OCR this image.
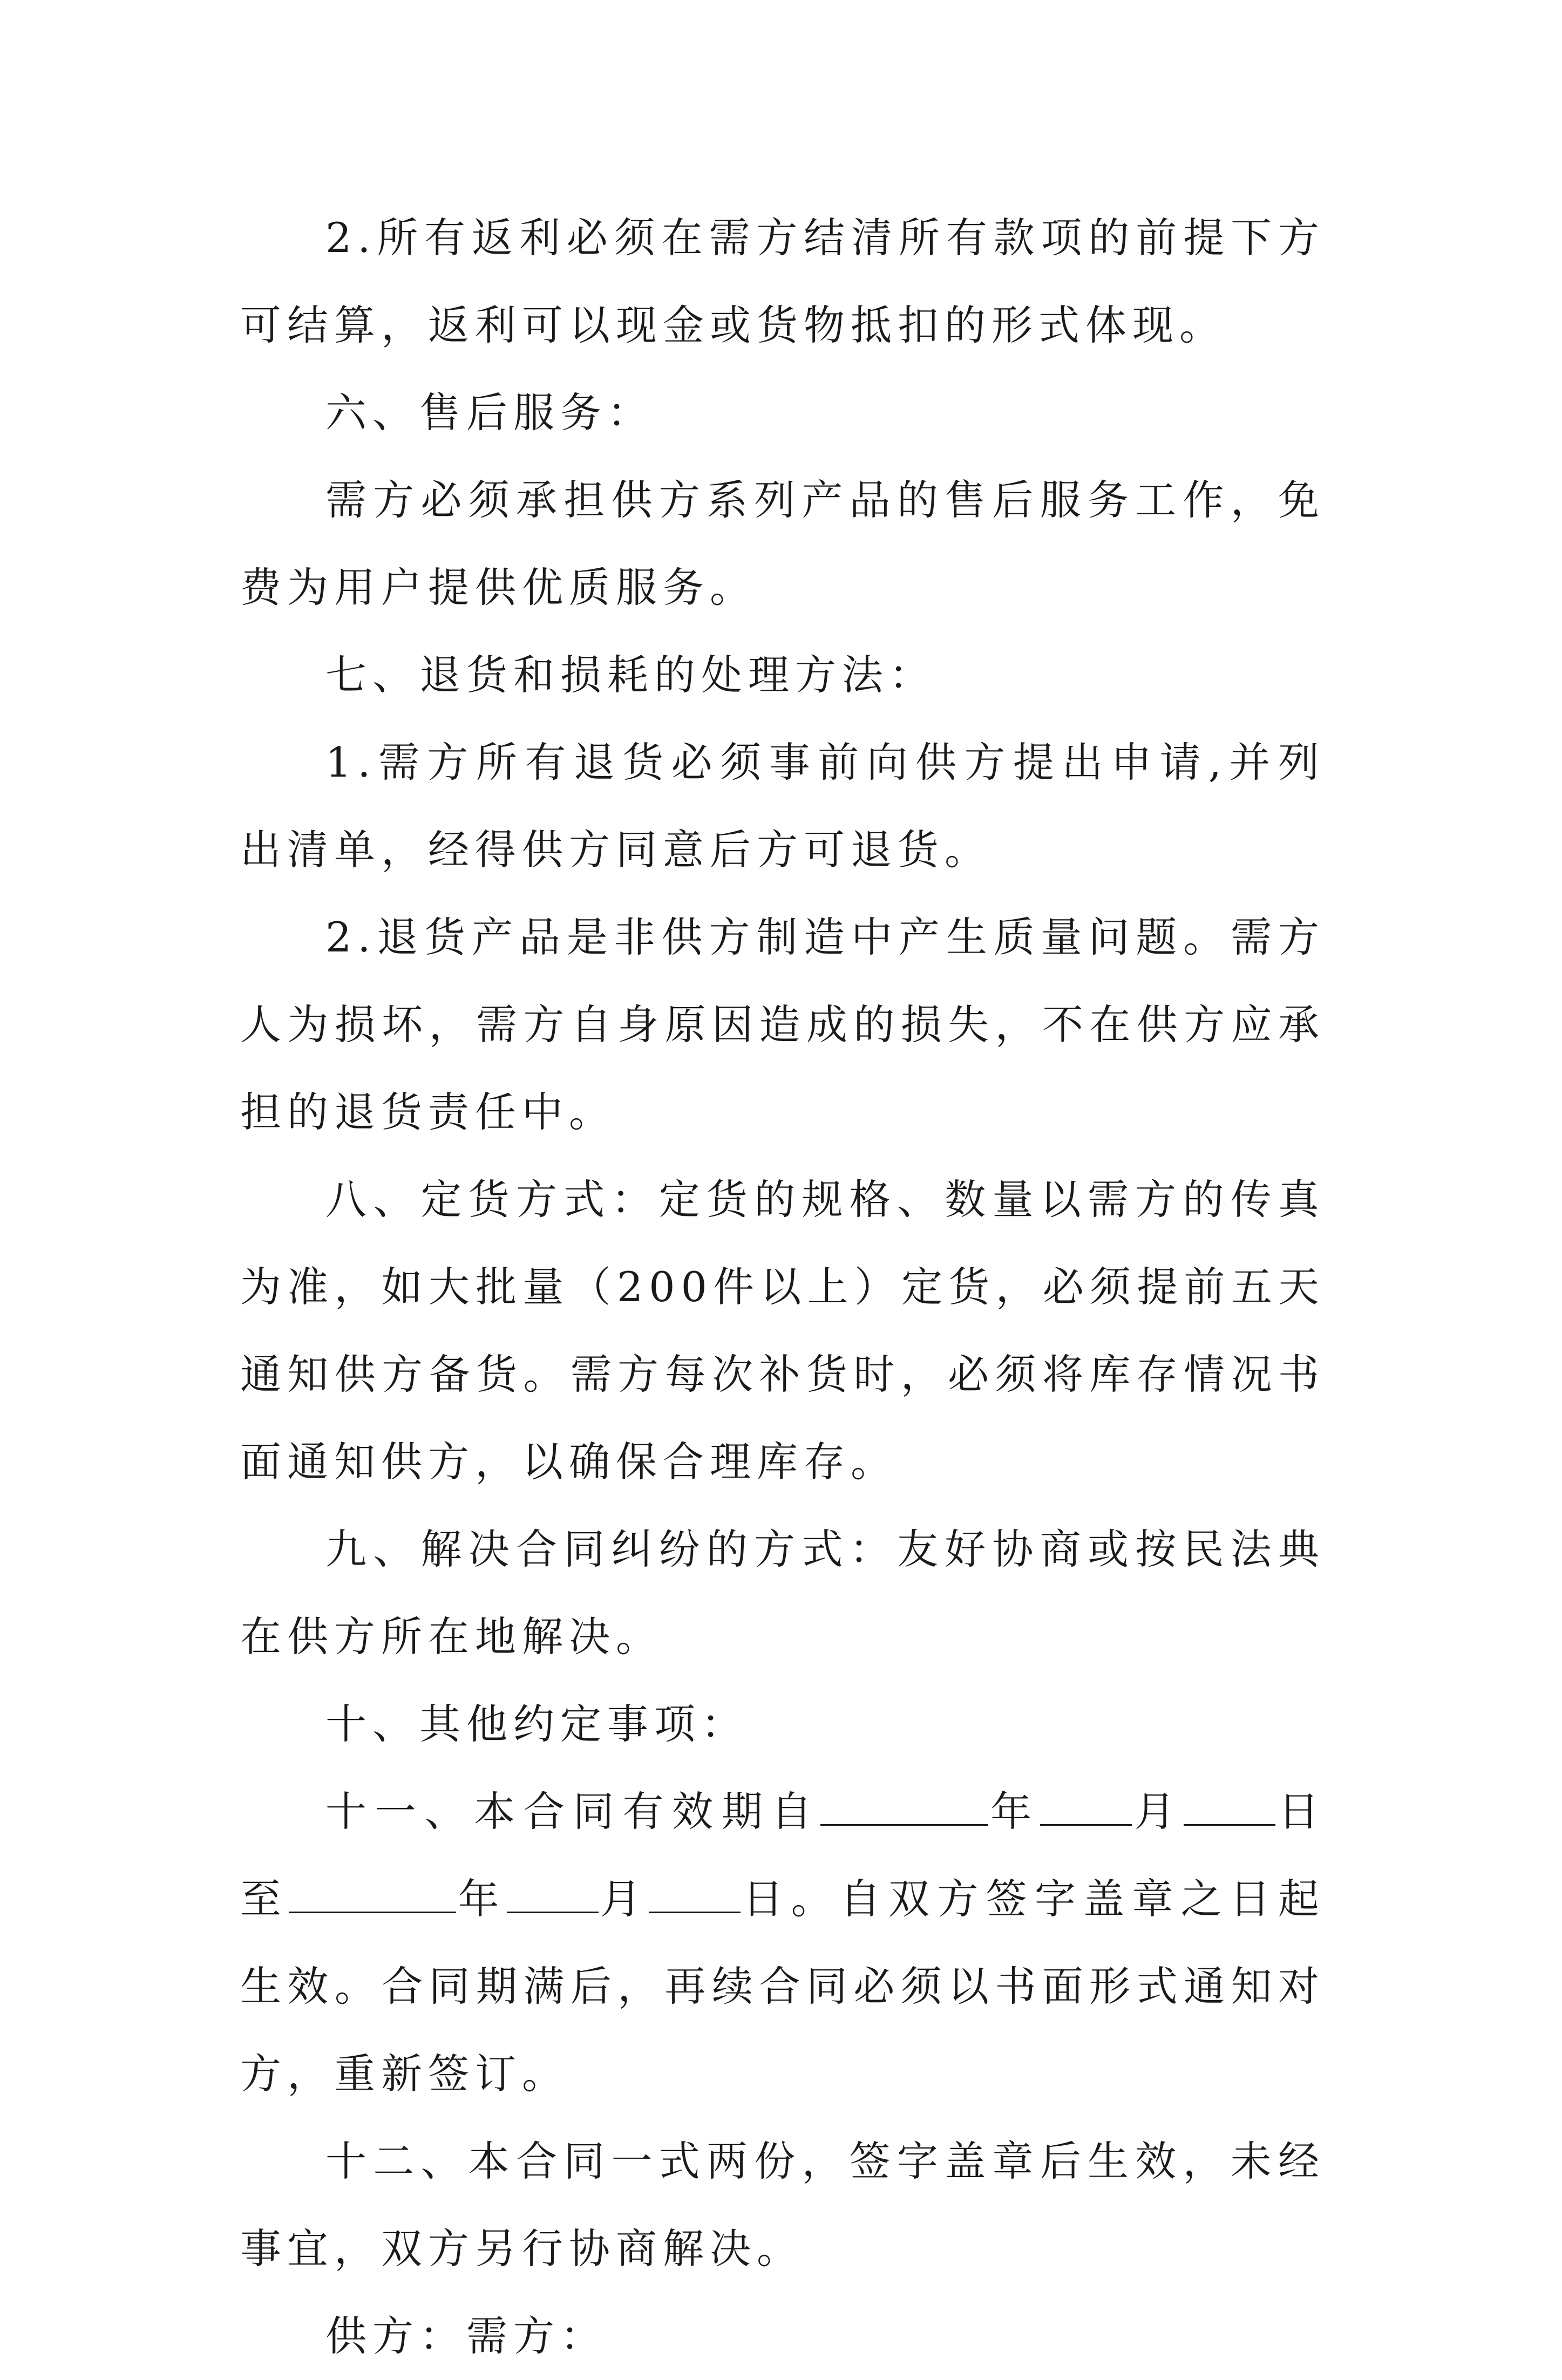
2.所有返利必须在需方结清所有款项的前提下方可结算，返利可以现金或货物抵扣的形式体现。

六、售后服务：

需方必须承担供方系列产品的售后服务工作，免费为用户提供优质服务。

七、退货和损耗的处理方法：

1.需方所有退货必须事前向供方提出申请,并列出清单，经得供方同意后方可退货。

2.退货产品是非供方制造中产生质量问题。需方人为损坏，需方自身原因造成的损失，不在供方应承担的退货责任中。

八、定货方式：定货的规格、数量以需方的传真为准，如大批量（200件以上）定货，必须提前五天通知供方备货。需方每次补货时，必须将库存情况书面通知供方，以确保合理库存。

九、解决合同纠纷的方式：友好协商或按民法典在供方所在地解决。

十、其他约定事项：

十一、本合同有效期自	年 月 日至	年 月 日。自双方签字盖章之日起生效。合同期满后，再续合同必须以书面形式通知对方，重新签订。

十二、本合同一式两份，签字盖章后生效，未经事宜，双方另行协商解决。

供方：需方：
